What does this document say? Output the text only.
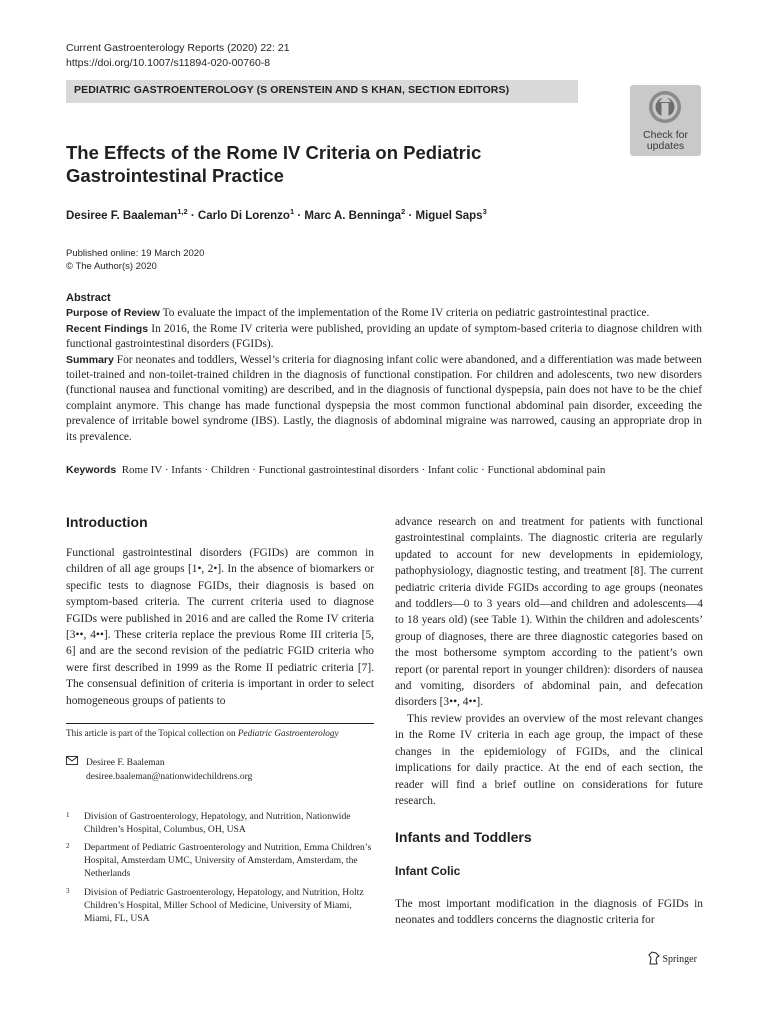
Current Gastroenterology Reports (2020) 22: 21
https://doi.org/10.1007/s11894-020-00760-8
PEDIATRIC GASTROENTEROLOGY (S ORENSTEIN AND S KHAN, SECTION EDITORS)
Check for
updates
The Effects of the Rome IV Criteria on Pediatric
Gastrointestinal Practice
Desiree F. Baaleman$^{1,2}$ · Carlo Di Lorenzo$^1$ · Marc A. Benninga$^2$ · Miguel Saps$^3$
Published online: 19 March 2020
© The Author(s) 2020
Abstract
Purpose of Review To evaluate the impact of the implementation of the Rome IV criteria on pediatric gastrointestinal practice.
Recent Findings In 2016, the Rome IV criteria were published, providing an update of symptom-based criteria to diagnose children with functional gastrointestinal disorders (FGIDs).
Summary For neonates and toddlers, Wessel’s criteria for diagnosing infant colic were abandoned, and a differentiation was made between toilet-trained and non-toilet-trained children in the diagnosis of functional constipation. For children and adolescents, two new disorders (functional nausea and functional vomiting) are described, and in the diagnosis of functional dyspepsia, pain does not have to be the chief complaint anymore. This change has made functional dyspepsia the most common functional abdominal pain disorder, exceeding the prevalence of irritable bowel syndrome (IBS). Lastly, the diagnosis of abdominal migraine was narrowed, causing an appropriate drop in its prevalence.
Keywords Rome IV · Infants · Children · Functional gastrointestinal disorders · Infant colic · Functional abdominal pain
Introduction
Functional gastrointestinal disorders (FGIDs) are common in children of all age groups [1•, 2•]. In the absence of biomarkers or specific tests to diagnose FGIDs, their diagnosis is based on symptom-based criteria. The current criteria used to diagnose FGIDs were published in 2016 and are called the Rome IV criteria [3••, 4••]. These criteria replace the previous Rome III criteria [5, 6] and are the second revision of the pediatric FGID criteria who were first described in 1999 as the Rome II pediatric criteria [7]. The consensual definition of criteria is important in order to select homogeneous groups of patients to
This article is part of the Topical collection on Pediatric Gastroenterology
Desiree F. Baaleman
desiree.baaleman@nationwidechildrens.org
1 Division of Gastroenterology, Hepatology, and Nutrition, Nationwide Children’s Hospital, Columbus, OH, USA
2 Department of Pediatric Gastroenterology and Nutrition, Emma Children’s Hospital, Amsterdam UMC, University of Amsterdam, Amsterdam, the Netherlands
3 Division of Pediatric Gastroenterology, Hepatology, and Nutrition, Holtz Children’s Hospital, Miller School of Medicine, University of Miami, Miami, FL, USA

advance research on and treatment for patients with functional gastrointestinal complaints. The diagnostic criteria are regularly updated to account for new developments in epidemiology, pathophysiology, diagnostic testing, and treatment [8]. The current pediatric criteria divide FGIDs according to age groups (neonates and toddlers—0 to 3 years old—and children and adolescents—4 to 18 years old) (see Table 1). Within the children and adolescents’ group of diagnoses, there are three diagnostic categories based on the most bothersome symptom according to the patient’s own report (or parental report in younger children): disorders of nausea and vomiting, disorders of abdominal pain, and defecation disorders [3••, 4••].

This review provides an overview of the most relevant changes in the Rome IV criteria in each age group, the impact of these changes in the epidemiology of FGIDs, and the clinical implications for daily practice. At the end of each section, the reader will find a brief outline on considerations for future research.

Infants and Toddlers
Infant Colic
The most important modification in the diagnosis of FGIDs in neonates and toddlers concerns the diagnostic criteria for
Springer
